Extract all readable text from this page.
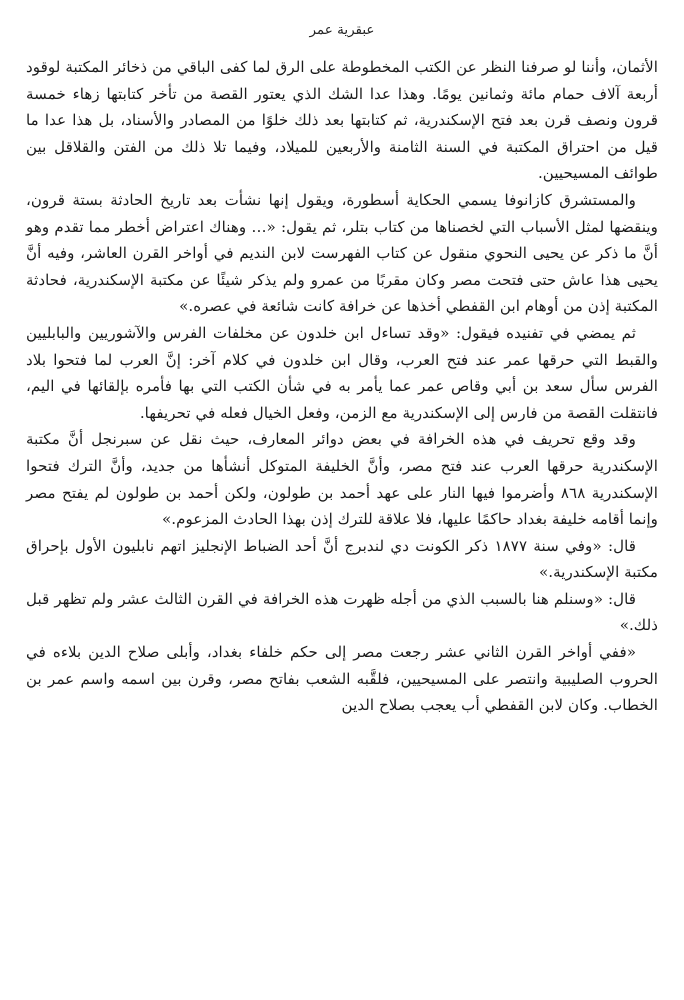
عبقرية عمر

الأثمان، وأننا لو صرفنا النظر عن الكتب المخطوطة على الرق لما كفى الباقي من ذخائر المكتبة لوقود أربعة آلاف حمام مائة وثمانين يومًا. وهذا عدا الشك الذي يعتور القصة من تأخر كتابتها زهاء خمسة قرون ونصف قرن بعد فتح الإسكندرية، ثم كتابتها بعد ذلك خلوًا من المصادر والأسناد، بل هذا عدا ما قيل من احتراق المكتبة في السنة الثامنة والأربعين للميلاد، وفيما تلا ذلك من الفتن والقلاقل بين طوائف المسيحيين.

والمستشرق كازانوفا يسمي الحكاية أسطورة، ويقول إنها نشأت بعد تاريخ الحادثة بستة قرون، وينقضها لمثل الأسباب التي لخصناها من كتاب بتلر، ثم يقول: «… وهناك اعتراض أخطر مما تقدم وهو أنَّ ما ذكر عن يحيى النحوي منقول عن كتاب الفهرست لابن النديم في أواخر القرن العاشر، وفيه أنَّ يحيى هذا عاش حتى فتحت مصر وكان مقربًا من عمرو ولم يذكر شيئًا عن مكتبة الإسكندرية، فحادثة المكتبة إذن من أوهام ابن القفطي أخذها عن خرافة كانت شائعة في عصره.»

ثم يمضي في تفنيده فيقول: «وقد تساءل ابن خلدون عن مخلفات الفرس والآشوريين والبابليين والقبط التي حرقها عمر عند فتح العرب، وقال ابن خلدون في كلام آخر: إنَّ العرب لما فتحوا بلاد الفرس سأل سعد بن أبي وقاص عمر عما يأمر به في شأن الكتب التي بها فأمره بإلقائها في اليم، فانتقلت القصة من فارس إلى الإسكندرية مع الزمن، وفعل الخيال فعله في تحريفها.

وقد وقع تحريف في هذه الخرافة في بعض دوائر المعارف، حيث نقل عن سبرنجل أنَّ مكتبة الإسكندرية حرقها العرب عند فتح مصر، وأنَّ الخليفة المتوكل أنشأها من جديد، وأنَّ الترك فتحوا الإسكندرية ٨٦٨ وأضرموا فيها النار على عهد أحمد بن طولون، ولكن أحمد بن طولون لم يفتح مصر وإنما أقامه خليفة بغداد حاكمًا عليها، فلا علاقة للترك إذن بهذا الحادث المزعوم.»

قال: «وفي سنة ١٨٧٧ ذكر الكونت دي لندبرج أنَّ أحد الضباط الإنجليز اتهم نابليون الأول بإحراق مكتبة الإسكندرية.»

قال: «وسنلم هنا بالسبب الذي من أجله ظهرت هذه الخرافة في القرن الثالث عشر ولم تظهر قبل ذلك.»

«ففي أواخر القرن الثاني عشر رجعت مصر إلى حكم خلفاء بغداد، وأبلى صلاح الدين بلاءه في الحروب الصليبية وانتصر على المسيحيين، فلقَّبه الشعب بفاتح مصر، وقرن بين اسمه واسم عمر بن الخطاب. وكان لابن القفطي أب يعجب بصلاح الدين
